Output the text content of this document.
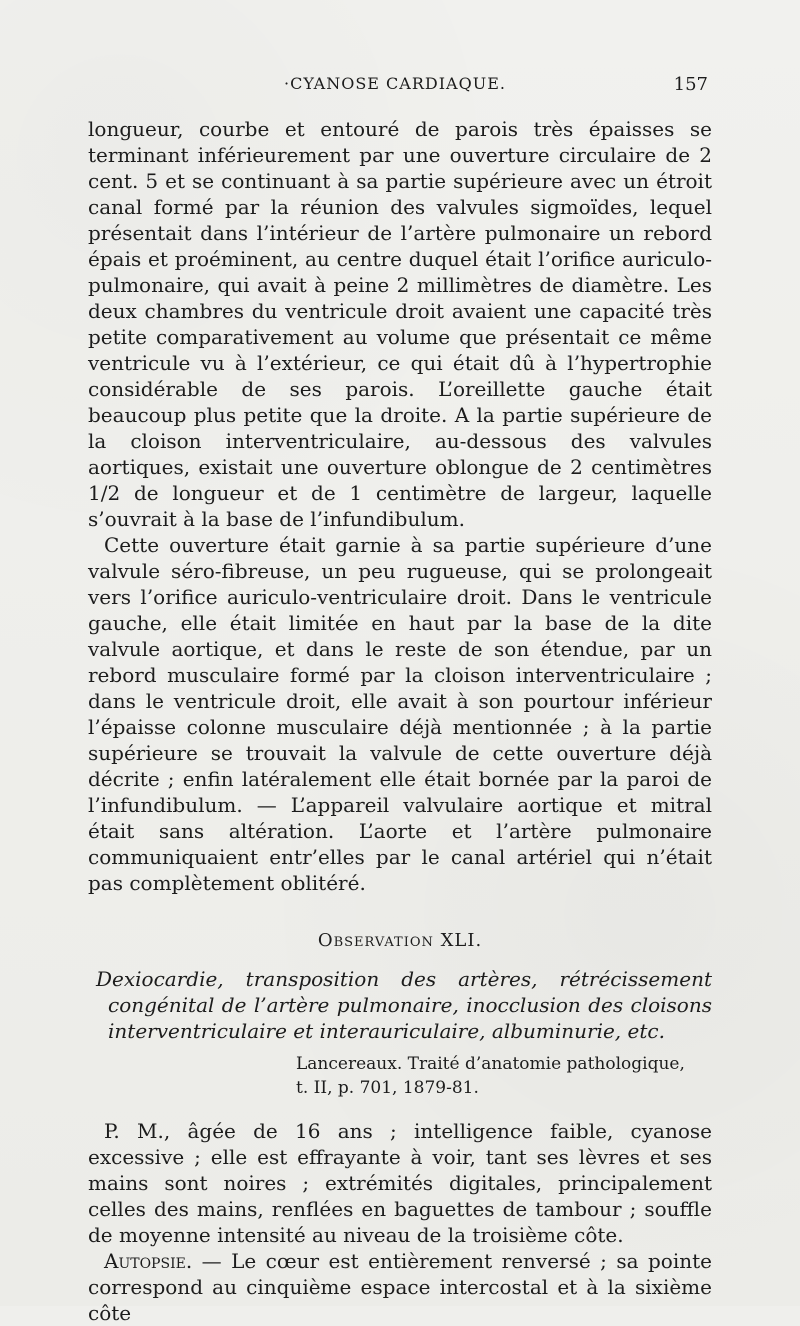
·CYANOSE CARDIAQUE.	157

longueur, courbe et entouré de parois très épaisses se terminant inférieurement par une ouverture circulaire de 2 cent. 5 et se continuant à sa partie supérieure avec un étroit canal formé par la réunion des valvules sigmoïdes, lequel présentait dans l’intérieur de l’artère pulmonaire un rebord épais et proéminent, au centre duquel était l’orifice auriculo-pulmonaire, qui avait à peine 2 millimètres de diamètre. Les deux chambres du ventricule droit avaient une capacité très petite comparativement au volume que présentait ce même ventricule vu à l’extérieur, ce qui était dû à l’hypertrophie considérable de ses parois. L’oreillette gauche était beaucoup plus petite que la droite. A la partie supérieure de la cloison interventriculaire, au-dessous des valvules aortiques, existait une ouverture oblongue de 2 centimètres 1/2 de longueur et de 1 centimètre de largeur, laquelle s’ouvrait à la base de l’infundibulum.

Cette ouverture était garnie à sa partie supérieure d’une valvule séro-fibreuse, un peu rugueuse, qui se prolongeait vers l’orifice auriculo-ventriculaire droit. Dans le ventricule gauche, elle était limitée en haut par la base de la dite valvule aortique, et dans le reste de son étendue, par un rebord musculaire formé par la cloison interventriculaire ; dans le ventricule droit, elle avait à son pourtour inférieur l’épaisse colonne musculaire déjà mentionnée ; à la partie supérieure se trouvait la valvule de cette ouverture déjà décrite ; enfin latéralement elle était bornée par la paroi de l’infundibulum. — L’appareil valvulaire aortique et mitral était sans altération. L’aorte et l’artère pulmonaire communiquaient entr’elles par le canal artériel qui n’était pas complètement oblitéré.

Observation XLI.

Dexiocardie, transposition des artères, rétrécissement congénital de l’artère pulmonaire, inocclusion des cloisons interventriculaire et interauriculaire, albuminurie, etc.

Lancereaux. Traité d’anatomie pathologique,

t. II, p. 701, 1879-81.

P. M., âgée de 16 ans ; intelligence faible, cyanose excessive ; elle est effrayante à voir, tant ses lèvres et ses mains sont noires ; extrémités digitales, principalement celles des mains, renflées en baguettes de tambour ; souffle de moyenne intensité au niveau de la troisième côte.

Autopsie. — Le cœur est entièrement renversé ; sa pointe correspond au cinquième espace intercostal et à la sixième côte
